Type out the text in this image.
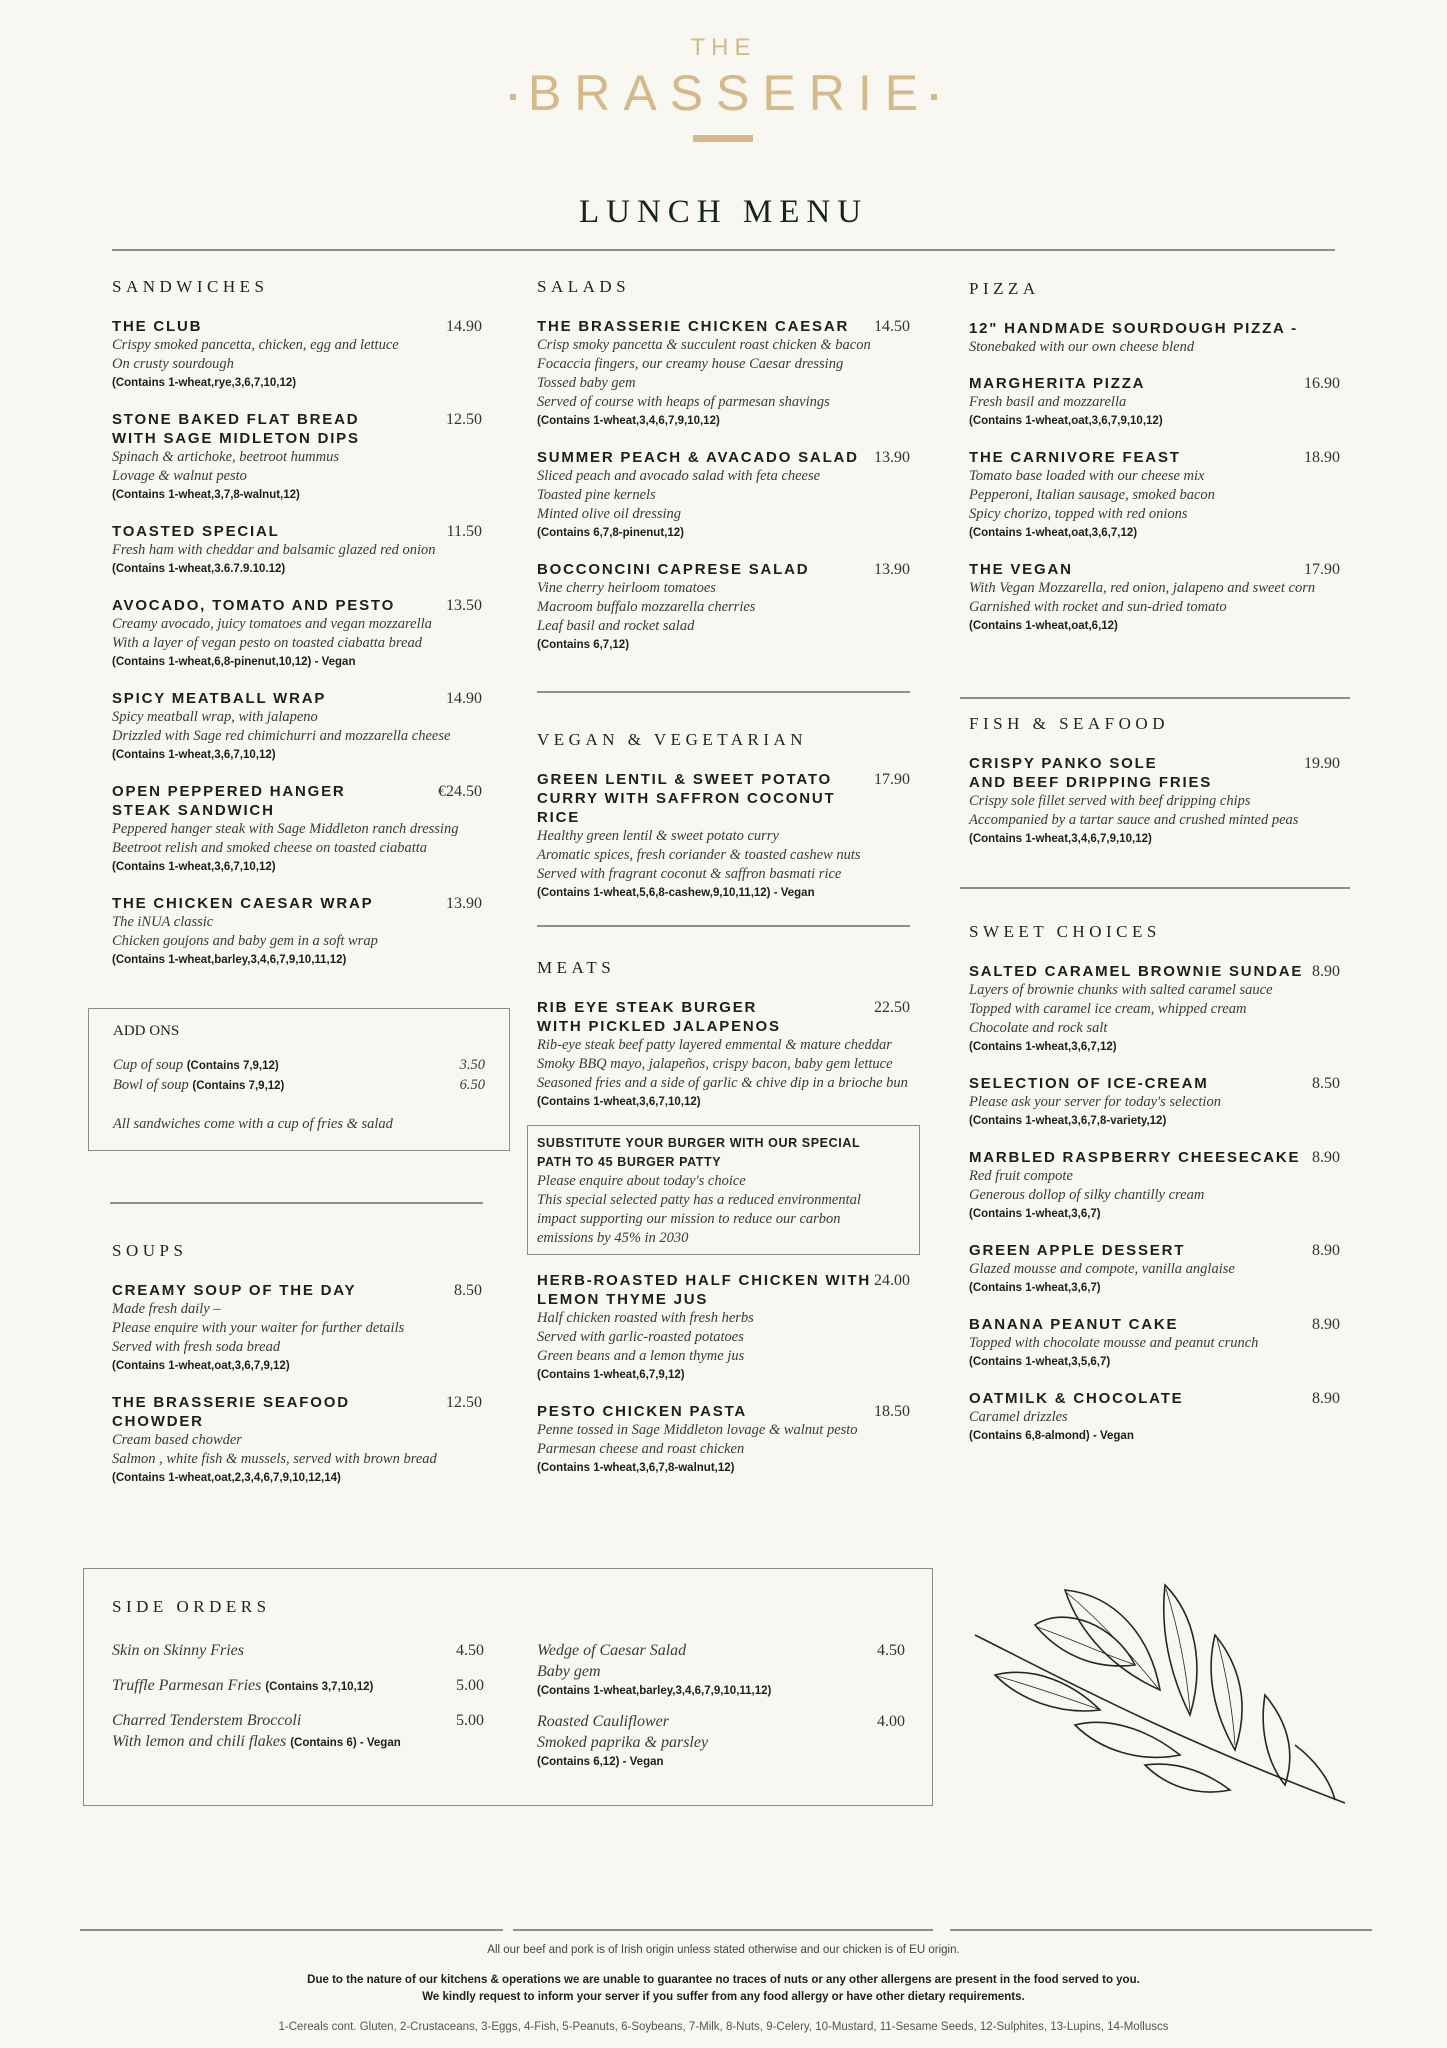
THE
BRASSERIE
LUNCH MENU
SANDWICHES
THE CLUB	14.90
Crispy smoked pancetta, chicken, egg and lettuce
On crusty sourdough
(Contains 1-wheat,rye,3,6,7,10,12)
STONE BAKED FLAT BREAD
WITH SAGE MIDLETON DIPS
12.50
Spinach & artichoke, beetroot hummus
Lovage & walnut pesto
(Contains 1-wheat,3,7,8-walnut,12)
TOASTED SPECIAL	11.50
Fresh ham with cheddar and balsamic glazed red onion
(Contains 1-wheat,3.6.7.9.10.12)
AVOCADO, TOMATO AND PESTO	13.50
Creamy avocado, juicy tomatoes and vegan mozzarella
With a layer of vegan pesto on toasted ciabatta bread
(Contains 1-wheat,6,8-pinenut,10,12) - Vegan
SPICY MEATBALL WRAP	14.90
Spicy meatball wrap, with jalapeno
Drizzled with Sage red chimichurri and mozzarella cheese
(Contains 1-wheat,3,6,7,10,12)
OPEN PEPPERED HANGER
STEAK SANDWICH
€24.50
Peppered hanger steak with Sage Middleton ranch dressing
Beetroot relish and smoked cheese on toasted ciabatta
(Contains 1-wheat,3,6,7,10,12)
THE CHICKEN CAESAR WRAP	13.90
The iNUA classic
Chicken goujons and baby gem in a soft wrap
(Contains 1-wheat,barley,3,4,6,7,9,10,11,12)
ADD ONS
Cup of soup (Contains 7,9,12)	3.50
Bowl of soup (Contains 7,9,12)	6.50
All sandwiches come with a cup of fries & salad
SOUPS
CREAMY SOUP OF THE DAY	8.50
Made fresh daily –
Please enquire with your waiter for further details
Served with fresh soda bread
(Contains 1-wheat,oat,3,6,7,9,12)
THE BRASSERIE SEAFOOD CHOWDER
12.50
Cream based chowder
Salmon , white fish & mussels, served with brown bread
(Contains 1-wheat,oat,2,3,4,6,7,9,10,12,14)
SALADS
THE BRASSERIE CHICKEN CAESAR 14.50
Crisp smoky pancetta & succulent roast chicken & bacon
Focaccia fingers, our creamy house Caesar dressing
Tossed baby gem
Served of course with heaps of parmesan shavings
(Contains 1-wheat,3,4,6,7,9,10,12)
SUMMER PEACH & AVACADO SALAD 13.90
Sliced peach and avocado salad with feta cheese
Toasted pine kernels
Minted olive oil dressing
(Contains 6,7,8-pinenut,12)
BOCCONCINI CAPRESE SALAD	13.90
Vine cherry heirloom tomatoes
Macroom buffalo mozzarella cherries
Leaf basil and rocket salad
(Contains 6,7,12)
VEGAN & VEGETARIAN
GREEN LENTIL & SWEET POTATO
CURRY WITH SAFFRON COCONUT RICE
17.90
Healthy green lentil & sweet potato curry
Aromatic spices, fresh coriander & toasted cashew nuts
Served with fragrant coconut & saffron basmati rice
(Contains 1-wheat,5,6,8-cashew,9,10,11,12) - Vegan
MEATS
RIB EYE STEAK BURGER
WITH PICKLED JALAPENOS
22.50
Rib-eye steak beef patty layered emmental & mature cheddar
Smoky BBQ mayo, jalapeños, crispy bacon, baby gem lettuce
Seasoned fries and a side of garlic & chive dip in a brioche bun
(Contains 1-wheat,3,6,7,10,12)
SUBSTITUTE YOUR BURGER WITH OUR SPECIAL
PATH TO 45 BURGER PATTY
Please enquire about today's choice
This special selected patty has a reduced environmental
impact supporting our mission to reduce our carbon
emissions by 45% in 2030
HERB-ROASTED HALF CHICKEN WITH
LEMON THYME JUS
24.00
Half chicken roasted with fresh herbs
Served with garlic-roasted potatoes
Green beans and a lemon thyme jus
(Contains 1-wheat,6,7,9,12)
PESTO CHICKEN PASTA	18.50
Penne tossed in Sage Middleton lovage & walnut pesto
Parmesan cheese and roast chicken
(Contains 1-wheat,3,6,7,8-walnut,12)
PIZZA
12" HANDMADE SOURDOUGH PIZZA -
Stonebaked with our own cheese blend
MARGHERITA PIZZA	16.90
Fresh basil and mozzarella
(Contains 1-wheat,oat,3,6,7,9,10,12)
THE CARNIVORE FEAST	18.90
Tomato base loaded with our cheese mix
Pepperoni, Italian sausage, smoked bacon
Spicy chorizo, topped with red onions
(Contains 1-wheat,oat,3,6,7,12)
THE VEGAN	17.90
With Vegan Mozzarella, red onion, jalapeno and sweet corn
Garnished with rocket and sun-dried tomato
(Contains 1-wheat,oat,6,12)
FISH & SEAFOOD
CRISPY PANKO SOLE
AND BEEF DRIPPING FRIES
19.90
Crispy sole fillet served with beef dripping chips
Accompanied by a tartar sauce and crushed minted peas
(Contains 1-wheat,3,4,6,7,9,10,12)
SWEET CHOICES
SALTED CARAMEL BROWNIE SUNDAE 8.90
Layers of brownie chunks with salted caramel sauce
Topped with caramel ice cream, whipped cream
Chocolate and rock salt
(Contains 1-wheat,3,6,7,12)
SELECTION OF ICE-CREAM	8.50
Please ask your server for today's selection
(Contains 1-wheat,3,6,7,8-variety,12)
MARBLED RASPBERRY CHEESECAKE 8.90
Red fruit compote
Generous dollop of silky chantilly cream
(Contains 1-wheat,3,6,7)
GREEN APPLE DESSERT	8.90
Glazed mousse and compote, vanilla anglaise
(Contains 1-wheat,3,6,7)
BANANA PEANUT CAKE	8.90
Topped with chocolate mousse and peanut crunch
(Contains 1-wheat,3,5,6,7)
OATMILK & CHOCOLATE	8.90
Caramel drizzles
(Contains 6,8-almond) - Vegan
SIDE ORDERS
Skin on Skinny Fries	4.50
Truffle Parmesan Fries (Contains 3,7,10,12)	5.00
Charred Tenderstem Broccoli	5.00
With lemon and chili flakes (Contains 6) - Vegan
Wedge of Caesar Salad	4.50
Baby gem
(Contains 1-wheat,barley,3,4,6,7,9,10,11,12)
Roasted Cauliflower	4.00
Smoked paprika & parsley
(Contains 6,12) - Vegan
All our beef and pork is of Irish origin unless stated otherwise and our chicken is of EU origin.
Due to the nature of our kitchens & operations we are unable to guarantee no traces of nuts or any other allergens are present in the food served to you.
We kindly request to inform your server if you suffer from any food allergy or have other dietary requirements.
1-Cereals cont. Gluten, 2-Crustaceans, 3-Eggs, 4-Fish, 5-Peanuts, 6-Soybeans, 7-Milk, 8-Nuts, 9-Celery, 10-Mustard, 11-Sesame Seeds, 12-Sulphites, 13-Lupins, 14-Molluscs
